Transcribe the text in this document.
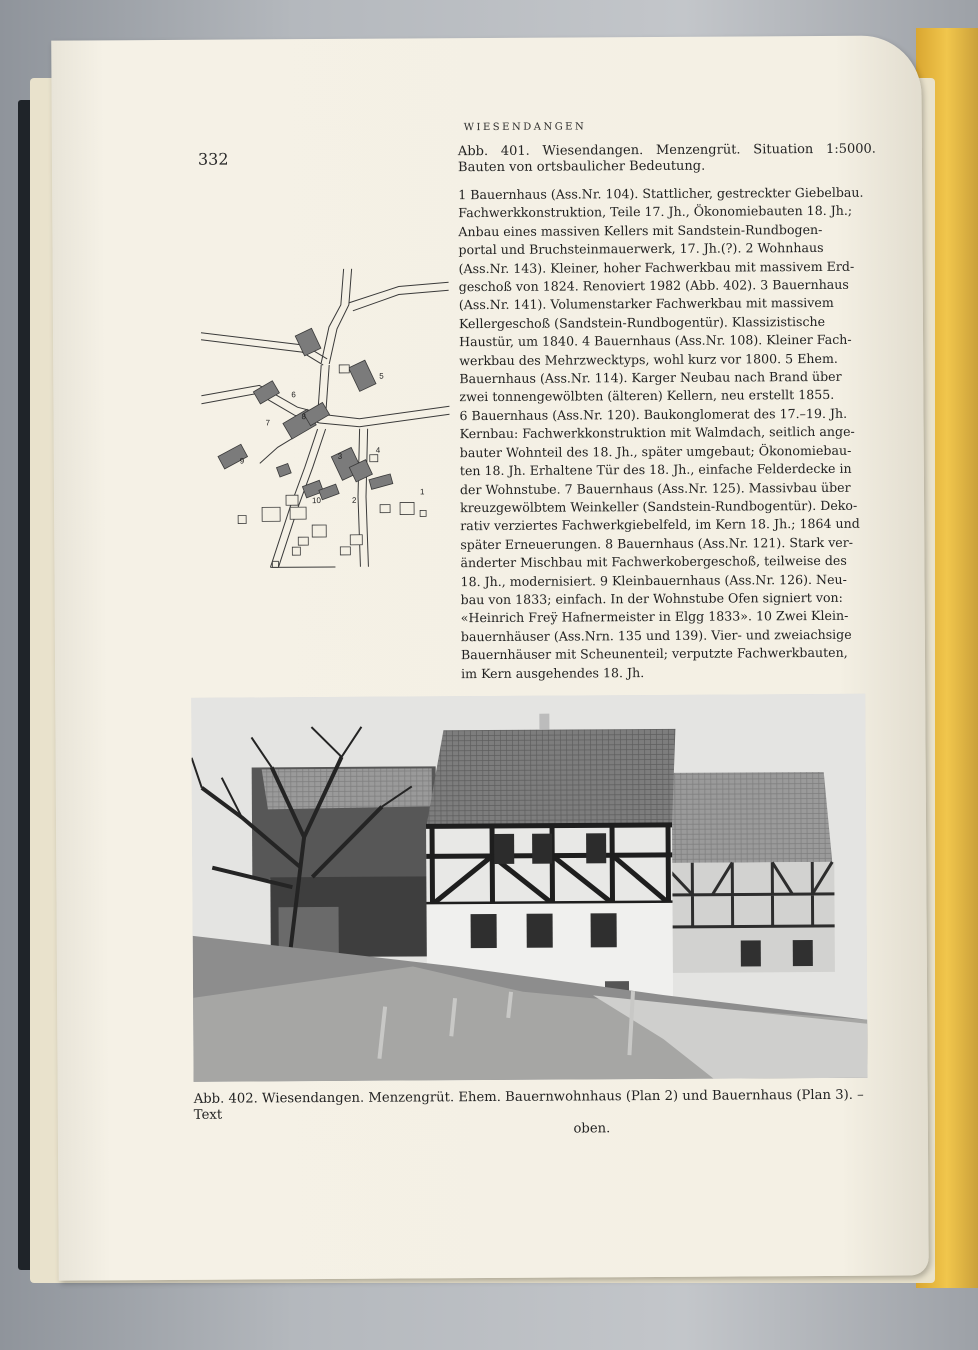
332
WIESENDANGEN
Abb. 401. Wiesendangen. Menzengrüt. Situation 1:5000. Bauten von ortsbaulicher Bedeutung.

1 Bauernhaus (Ass.Nr. 104). Stattlicher, gestreckter Giebelbau.

Fachwerkkonstruktion, Teile 17. Jh., Ökonomiebauten 18. Jh.;

Anbau eines massiven Kellers mit Sandstein-Rundbogen-

portal und Bruchsteinmauerwerk, 17. Jh.(?). 2 Wohnhaus

(Ass.Nr. 143). Kleiner, hoher Fachwerkbau mit massivem Erd-

geschoß von 1824. Renoviert 1982 (Abb. 402). 3 Bauernhaus

(Ass.Nr. 141). Volumenstarker Fachwerkbau mit massivem

Kellergeschoß (Sandstein-Rundbogentür). Klassizistische

Haustür, um 1840. 4 Bauernhaus (Ass.Nr. 108). Kleiner Fach-

werkbau des Mehrzwecktyps, wohl kurz vor 1800. 5 Ehem.

Bauernhaus (Ass.Nr. 114). Karger Neubau nach Brand über

zwei tonnengewölbten (älteren) Kellern, neu erstellt 1855.

6 Bauernhaus (Ass.Nr. 120). Baukonglomerat des 17.–19. Jh.

Kernbau: Fachwerkkonstruktion mit Walmdach, seitlich ange-

bauter Wohnteil des 18. Jh., später umgebaut; Ökonomiebau-

ten 18. Jh. Erhaltene Tür des 18. Jh., einfache Felderdecke in

der Wohnstube. 7 Bauernhaus (Ass.Nr. 125). Massivbau über

kreuzgewölbtem Weinkeller (Sandstein-Rundbogentür). Deko-

rativ verziertes Fachwerkgiebelfeld, im Kern 18. Jh.; 1864 und

später Erneuerungen. 8 Bauernhaus (Ass.Nr. 121). Stark ver-

änderter Mischbau mit Fachwerkobergeschoß, teilweise des

18. Jh., modernisiert. 9 Kleinbauernhaus (Ass.Nr. 126). Neu-

bau von 1833; einfach. In der Wohnstube Ofen signiert von:

«Heinrich Freÿ Hafnermeister in Elgg 1833». 10 Zwei Klein-

bauernhäuser (Ass.Nrn. 135 und 139). Vier- und zweiachsige

Bauernhäuser mit Scheunenteil; verputzte Fachwerkbauten,

im Kern ausgehendes 18. Jh.

1
2
3
4
5
6
7
8
9
10
Abb. 402. Wiesendangen. Menzengrüt. Ehem. Bauernwohnhaus (Plan 2) und Bauernhaus (Plan 3). – Text
oben.
